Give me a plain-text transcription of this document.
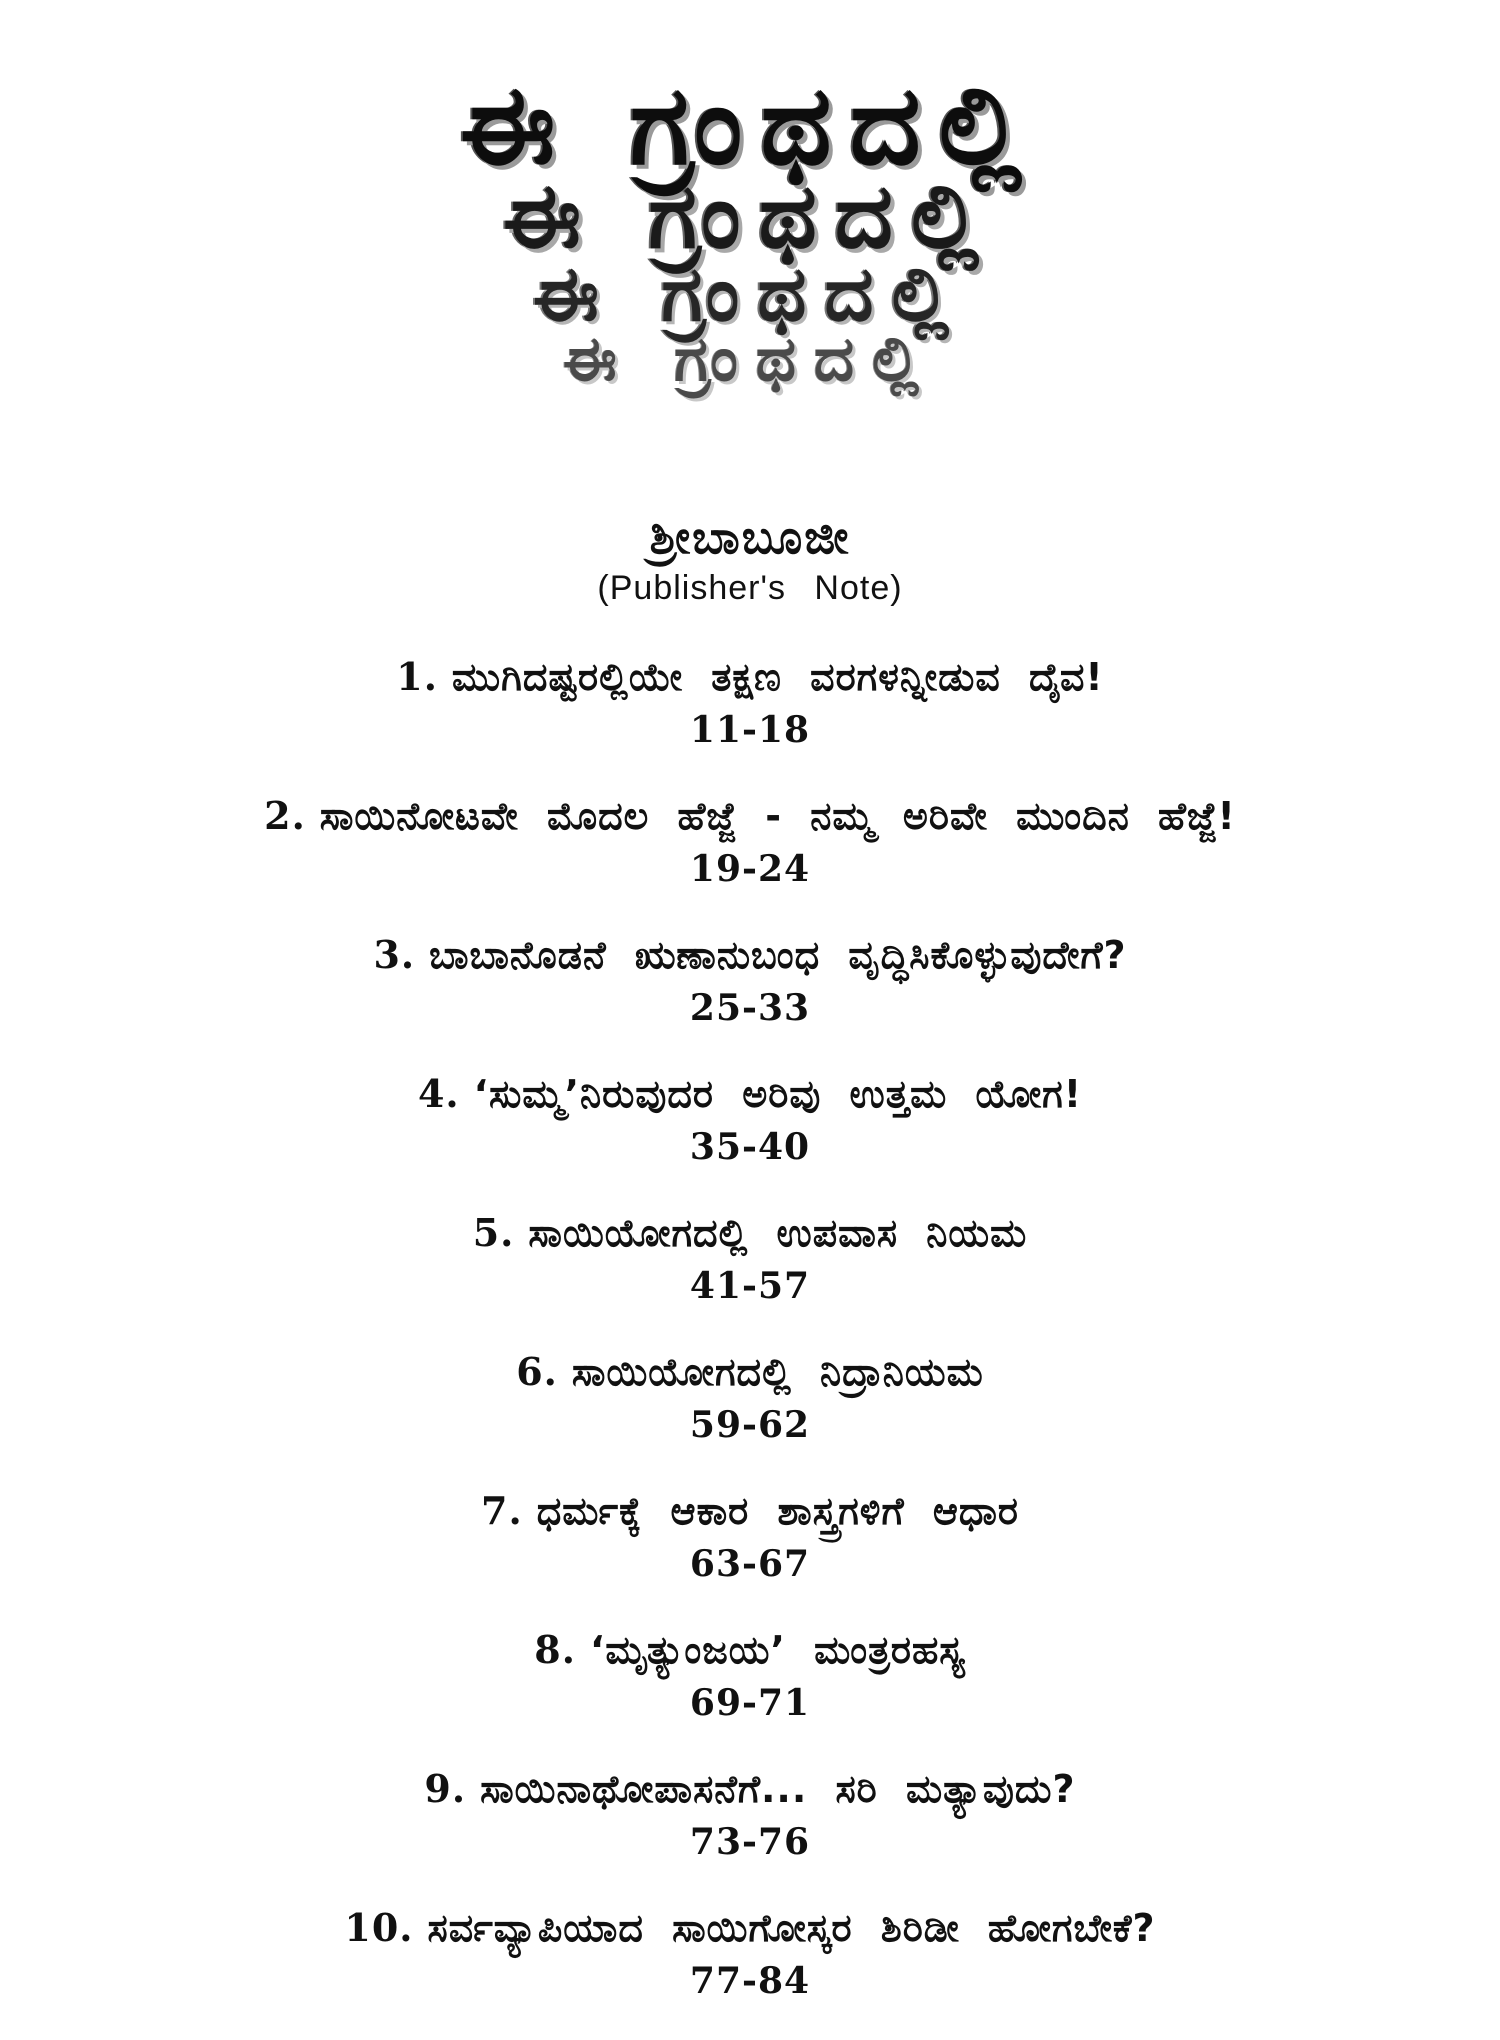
ಈ ಗ್ರಂಥದಲ್ಲಿ
ಈ ಗ್ರಂಥದಲ್ಲಿ
ಈ ಗ್ರಂಥದಲ್ಲಿ
ಈ ಗ್ರಂಥದಲ್ಲಿ
ಶ್ರೀಬಾಬೂಜೀ
(Publisher's Note)
1. ಮುಗಿದಷ್ಟರಲ್ಲಿಯೇ ತಕ್ಷಣ ವರಗಳನ್ನೀಡುವ ದೈವ!
11-18
2. ಸಾಯಿನೋಟವೇ ಮೊದಲ ಹೆಜ್ಜೆ - ನಮ್ಮ ಅರಿವೇ ಮುಂದಿನ ಹೆಜ್ಜೆ!
19-24
3. ಬಾಬಾನೊಡನೆ ಋಣಾನುಬಂಧ ವೃದ್ಧಿಸಿಕೊಳ್ಳುವುದೇಗೆ?
25-33
4. ‘ಸುಮ್ಮ’ನಿರುವುದರ ಅರಿವು ಉತ್ತಮ ಯೋಗ!
35-40
5. ಸಾಯಿಯೋಗದಲ್ಲಿ ಉಪವಾಸ ನಿಯಮ
41-57
6. ಸಾಯಿಯೋಗದಲ್ಲಿ ನಿದ್ರಾನಿಯಮ
59-62
7. ಧರ್ಮಕ್ಕೆ ಆಕಾರ ಶಾಸ್ತ್ರಗಳಿಗೆ ಆಧಾರ
63-67
8. ‘ಮೃತ್ಯುಂಜಯ’ ಮಂತ್ರರಹಸ್ಯ
69-71
9. ಸಾಯಿನಾಥೋಪಾಸನೆಗೆ... ಸರಿ ಮತ್ಯಾವುದು?
73-76
10. ಸರ್ವವ್ಯಾಪಿಯಾದ ಸಾಯಿಗೋಸ್ಕರ ಶಿರಿಡೀ ಹೋಗಬೇಕೆ?
77-84
